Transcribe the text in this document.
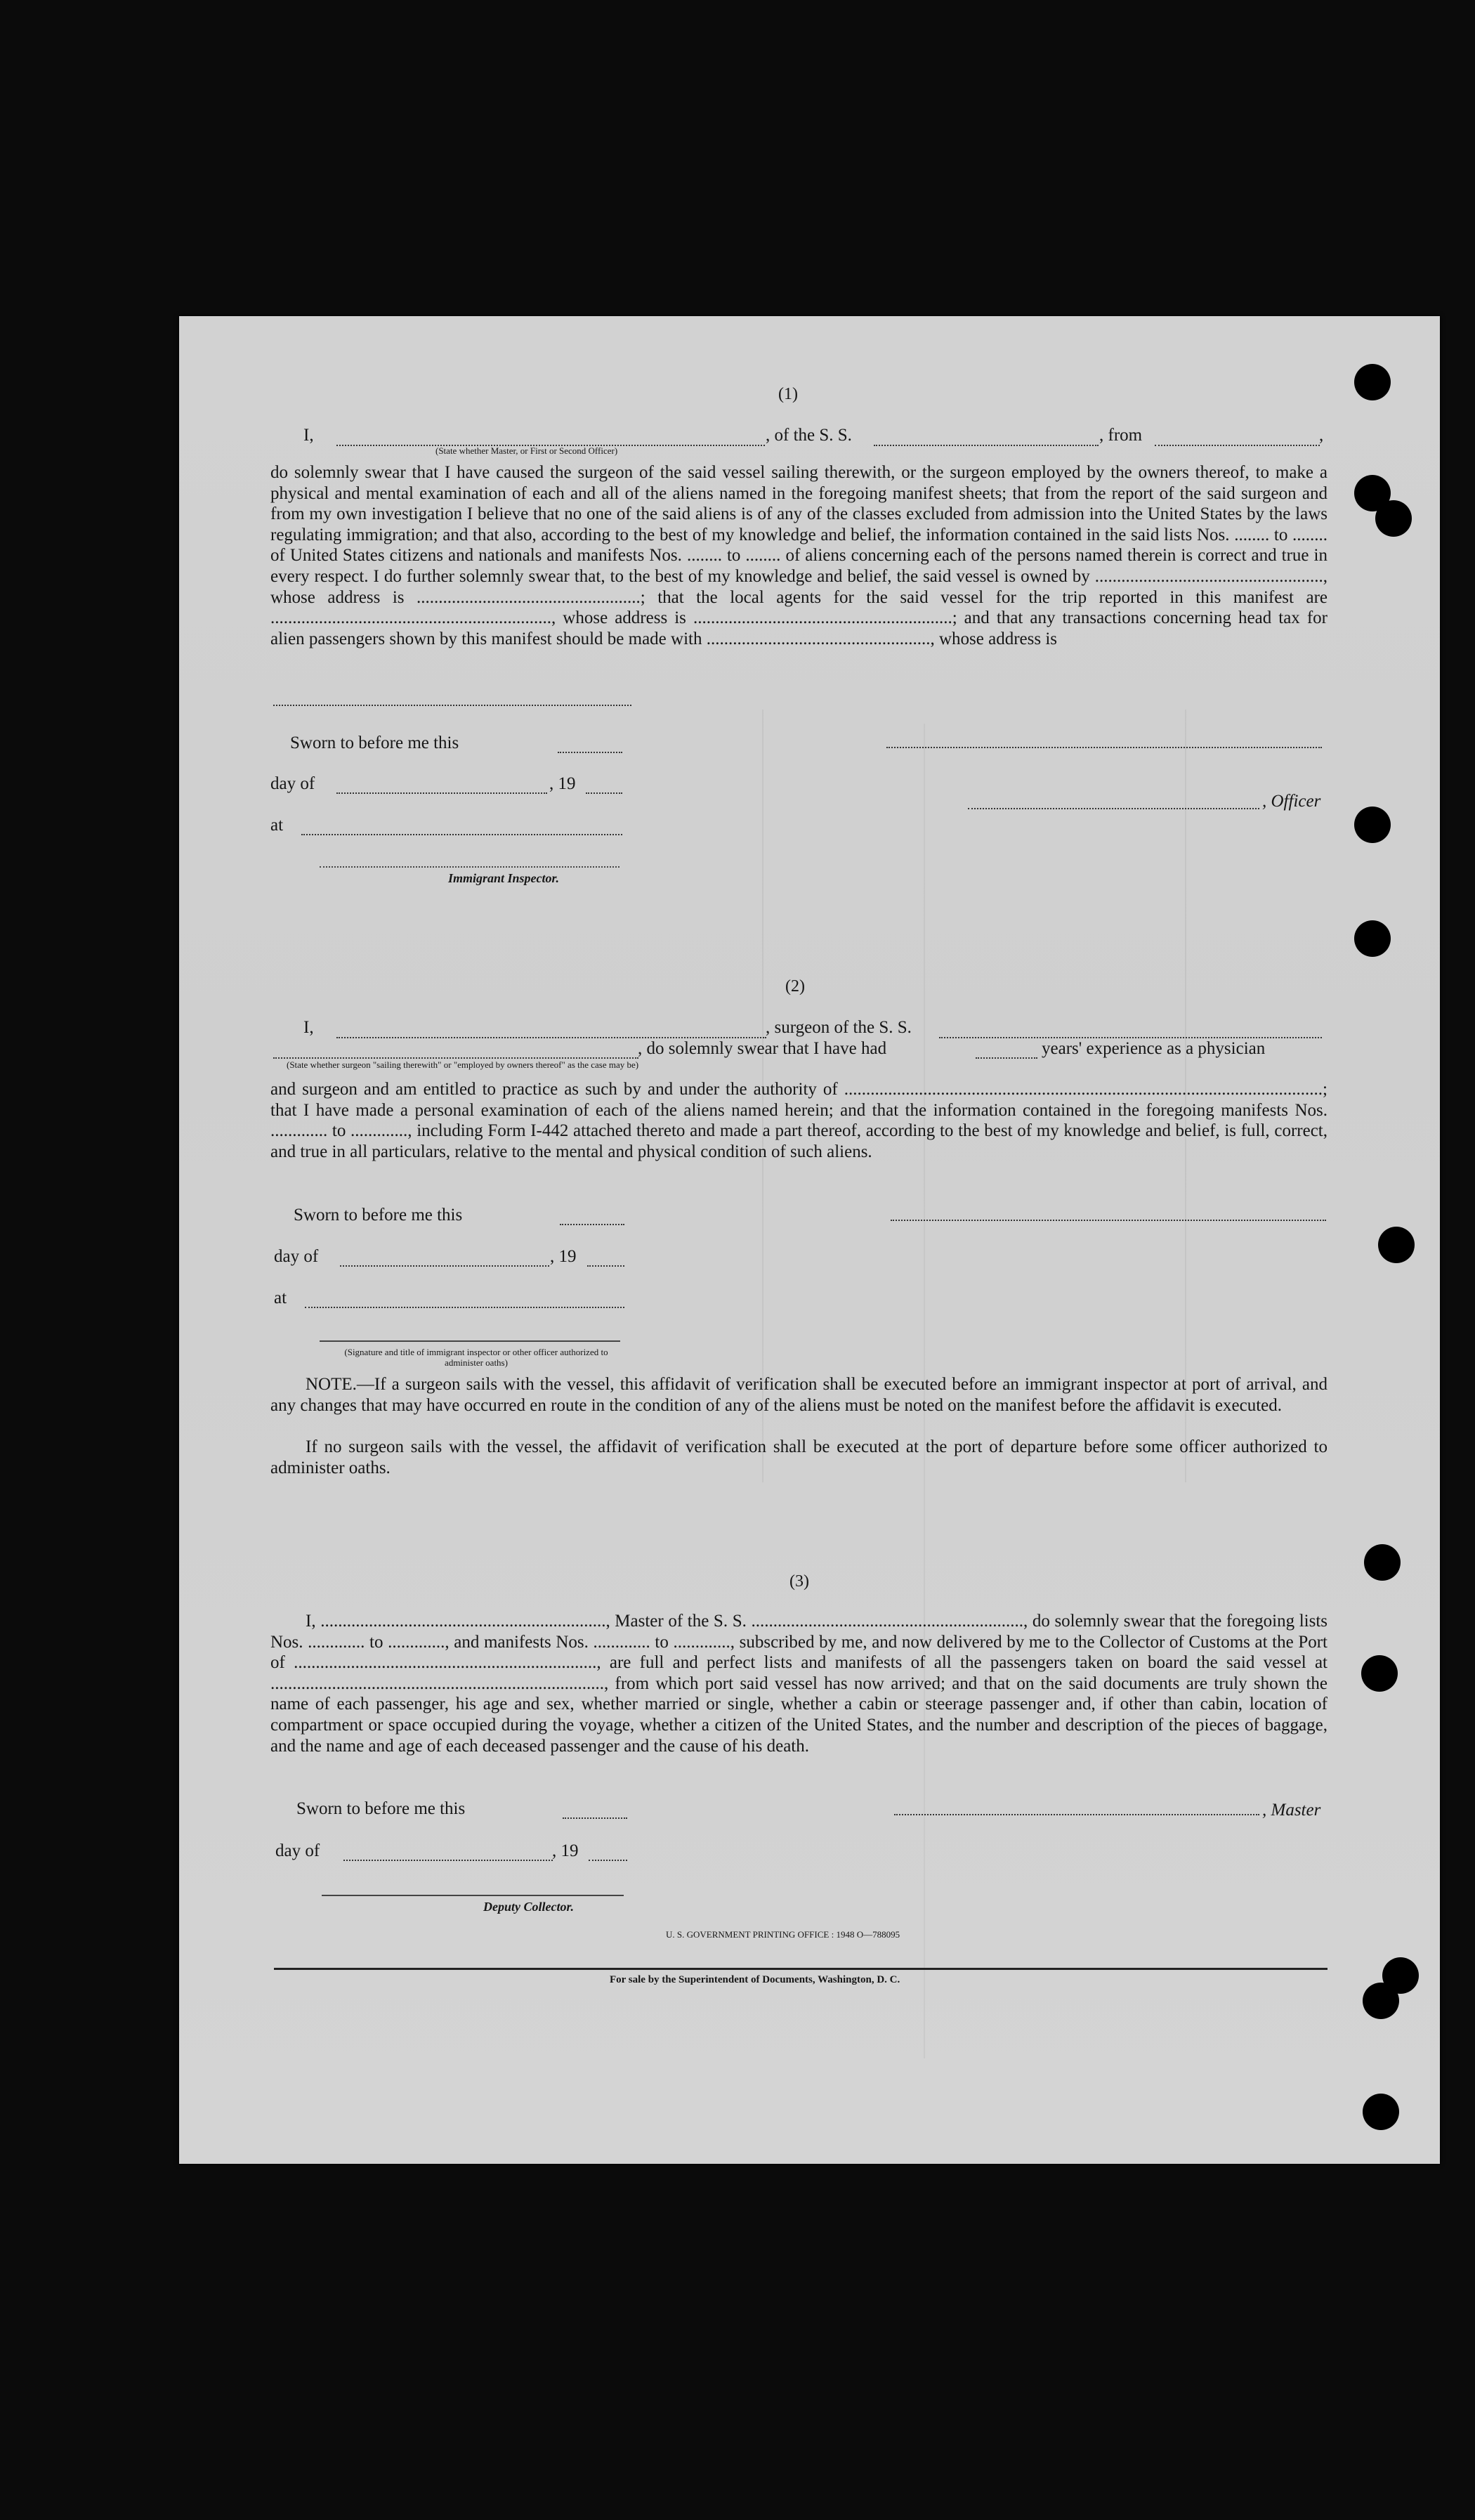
(1)
I,	, of the S. S.	, from	,
(State whether Master, or First or Second Officer)
do solemnly swear that I have caused the surgeon of the said vessel sailing therewith, or the surgeon employed by the owners thereof, to make a physical and mental examination of each and all of the aliens named in the foregoing manifest sheets; that from the report of the said surgeon and from my own investigation I believe that no one of the said aliens is of any of the classes excluded from admission into the United States by the laws regulating immigration; and that also, according to the best of my knowledge and belief, the information contained in the said lists Nos. ........ to ........ of United States citizens and nationals and manifests Nos. ........ to ........ of aliens concerning each of the persons named therein is correct and true in every respect. I do further solemnly swear that, to the best of my knowledge and belief, the said vessel is owned by ...................................................., whose address is ...................................................; that the local agents for the said vessel for the trip reported in this manifest are ................................................................, whose address is ...........................................................; and that any transactions concerning head tax for alien passengers shown by this manifest should be made with ..................................................., whose address is
Sworn to before me this
day of	, 19
at
Immigrant Inspector.
, Officer
(2)
I,	, surgeon of the S. S.
, do solemnly swear that I have had	years' experience as a physician
(State whether surgeon "sailing therewith" or "employed by owners thereof" as the case may be)
and surgeon and am entitled to practice as such by and under the authority of .............................................................................................................; that I have made a personal examination of each of the aliens named herein; and that the information contained in the foregoing manifests Nos. ............. to ............., including Form I-442 attached thereto and made a part thereof, according to the best of my knowledge and belief, is full, correct, and true in all particulars, relative to the mental and physical condition of such aliens.
Sworn to before me this
day of	, 19
at
(Signature and title of immigrant inspector or other officer authorized to administer oaths)
NOTE.—If a surgeon sails with the vessel, this affidavit of verification shall be executed before an immigrant inspector at port of arrival, and any changes that may have occurred en route in the condition of any of the aliens must be noted on the manifest before the affidavit is executed.
If no surgeon sails with the vessel, the affidavit of verification shall be executed at the port of departure before some officer authorized to administer oaths.
(3)
I, ................................................................., Master of the S. S. .............................................................., do solemnly swear that the foregoing lists Nos. ............. to ............., and manifests Nos. ............. to ............., subscribed by me, and now delivered by me to the Collector of Customs at the Port of ....................................................................., are full and perfect lists and manifests of all the passengers taken on board the said vessel at ............................................................................, from which port said vessel has now arrived; and that on the said documents are truly shown the name of each passenger, his age and sex, whether married or single, whether a cabin or steerage passenger and, if other than cabin, location of compartment or space occupied during the voyage, whether a citizen of the United States, and the number and description of the pieces of baggage, and the name and age of each deceased passenger and the cause of his death.
Sworn to before me this
day of	, 19
Deputy Collector.
, Master
U. S. GOVERNMENT PRINTING OFFICE : 1948 O—788095
For sale by the Superintendent of Documents, Washington, D. C.
